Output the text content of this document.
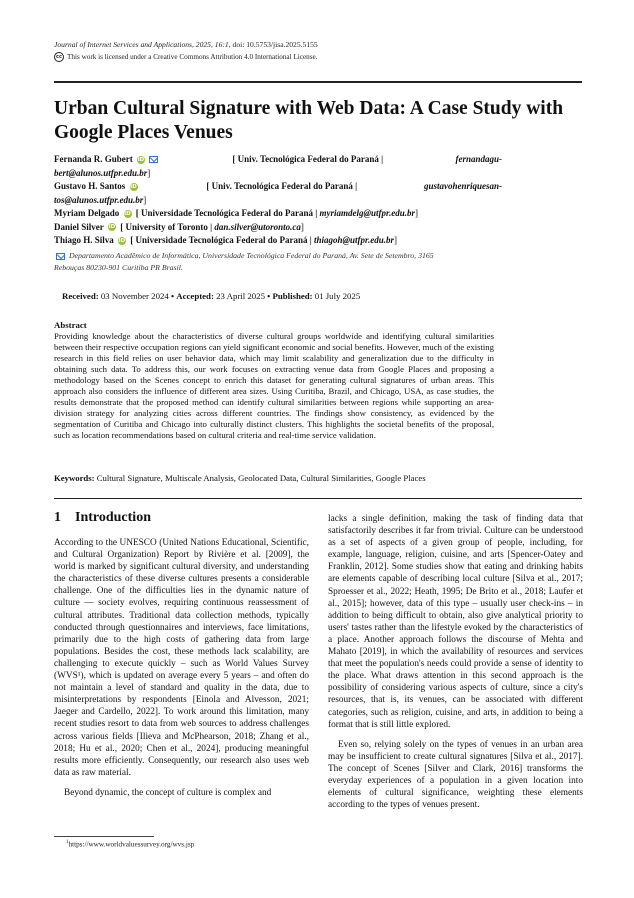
Journal of Internet Services and Applications, 2025, 16:1, doi: 10.5753/jisa.2025.5155
cc This work is licensed under a Creative Commons Attribution 4.0 International License.
Urban Cultural Signature with Web Data: A Case Study with Google Places Venues
Fernanda R. Gubert iD	[ Univ. Tecnológica Federal do Paraná |	fernandagu-
bert@alunos.utfpr.edu.br]
Gustavo H. Santos iD	[ Univ. Tecnológica Federal do Paraná |	gustavohenriquesan-
tos@alunos.utfpr.edu.br]
Myriam Delgado iD [ Universidade Tecnológica Federal do Paraná | myriamdelg@utfpr.edu.br]
Daniel Silver iD [ University of Toronto | dan.silver@utoronto.ca]
Thiago H. Silva iD [ Universidade Tecnológica Federal do Paraná | thiagoh@utfpr.edu.br]
Departamento Acadêmico de Informática, Universidade Tecnológica Federal do Paraná, Av. Sete de Setembro, 3165
Rebouças 80230-901 Curitiba PR Brasil.
Received: 03 November 2024 • Accepted: 23 April 2025 • Published: 01 July 2025
Abstract
Providing knowledge about the characteristics of diverse cultural groups worldwide and identifying cultural similarities between their respective occupation regions can yield significant economic and social benefits. However, much of the existing research in this field relies on user behavior data, which may limit scalability and generalization due to the difficulty in obtaining such data. To address this, our work focuses on extracting venue data from Google Places and proposing a methodology based on the Scenes concept to enrich this dataset for generating cultural signatures of urban areas. This approach also considers the influence of different area sizes. Using Curitiba, Brazil, and Chicago, USA, as case studies, the results demonstrate that the proposed method can identify cultural similarities between regions while supporting an area-division strategy for analyzing cities across different countries. The findings show consistency, as evidenced by the segmentation of Curitiba and Chicago into culturally distinct clusters. This highlights the societal benefits of the proposal, such as location recommendations based on cultural criteria and real-time service validation.
Keywords: Cultural Signature, Multiscale Analysis, Geolocated Data, Cultural Similarities, Google Places
1 Introduction

According to the UNESCO (United Nations Educational, Scientific, and Cultural Organization) Report by Rivière et al. [2009], the world is marked by significant cultural diversity, and understanding the characteristics of these diverse cultures presents a considerable challenge. One of the difficulties lies in the dynamic nature of culture — society evolves, requiring continuous reassessment of cultural attributes. Traditional data collection methods, typically conducted through questionnaires and interviews, face limitations, primarily due to the high costs of gathering data from large populations. Besides the cost, these methods lack scalability, are challenging to execute quickly – such as World Values Survey (WVS¹), which is updated on average every 5 years – and often do not maintain a level of standard and quality in the data, due to misinterpretations by respondents [Einola and Alvesson, 2021; Jaeger and Cardello, 2022]. To work around this limitation, many recent studies resort to data from web sources to address challenges across various fields [Ilieva and McPhearson, 2018; Zhang et al., 2018; Hu et al., 2020; Chen et al., 2024], producing meaningful results more efficiently. Consequently, our research also uses web data as raw material.

Beyond dynamic, the concept of culture is complex and

lacks a single definition, making the task of finding data that satisfactorily describes it far from trivial. Culture can be understood as a set of aspects of a given group of people, including, for example, language, religion, cuisine, and arts [Spencer-Oatey and Franklin, 2012]. Some studies show that eating and drinking habits are elements capable of describing local culture [Silva et al., 2017; Sproesser et al., 2022; Heath, 1995; De Brito et al., 2018; Laufer et al., 2015]; however, data of this type – usually user check-ins – in addition to being difficult to obtain, also give analytical priority to users' tastes rather than the lifestyle evoked by the characteristics of a place. Another approach follows the discourse of Mehta and Mahato [2019], in which the availability of resources and services that meet the population's needs could provide a sense of identity to the place. What draws attention in this second approach is the possibility of considering various aspects of culture, since a city's resources, that is, its venues, can be associated with different categories, such as religion, cuisine, and arts, in addition to being a format that is still little explored.

Even so, relying solely on the types of venues in an urban area may be insufficient to create cultural signatures [Silva et al., 2017]. The concept of Scenes [Silver and Clark, 2016] transforms the everyday experiences of a population in a given location into elements of cultural significance, weighting these elements according to the types of venues present.

$^1$https://www.worldvaluessurvey.org/wvs.jsp
